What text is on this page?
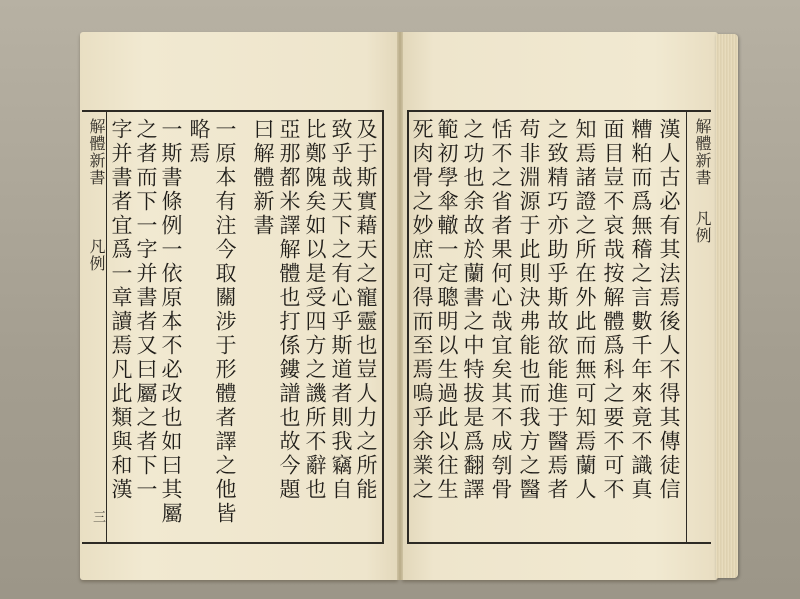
解體新書
凡例
三
及于斯實藉天之寵靈也豈人力之所能
致乎哉天下之有心乎斯道者則我竊自
比鄭隗矣如以是受四方之譏所不辭也
亞那都米譯解體也打係鏤譜也故今題
曰解體新書
一原本有注今取關涉于形體者譯之他皆
略焉
一斯書條例一依原本不必改也如曰其屬
之者而下一字并書者又曰屬之者下一
字并書者宜爲一章讀焉凡此類與和漢	解體新書
凡例
漢人古必有其法焉後人不得其傳徒信
糟粕而爲無稽之言數千年來竟不識真
面目豈不哀哉按解體爲科之要不可不
知焉諸證之所在外此而無可知焉蘭人
之致精巧亦助乎斯故欲能進于醫焉者
苟非淵源于此則決弗能也而我方之醫
恬不之省者果何心哉宜矣其不成刳骨
之功也余故於蘭書之中特拔是爲翻譯
範初學傘轍一定聰明以生過此以往生
死肉骨之妙庶可得而至焉嗚乎余業之
